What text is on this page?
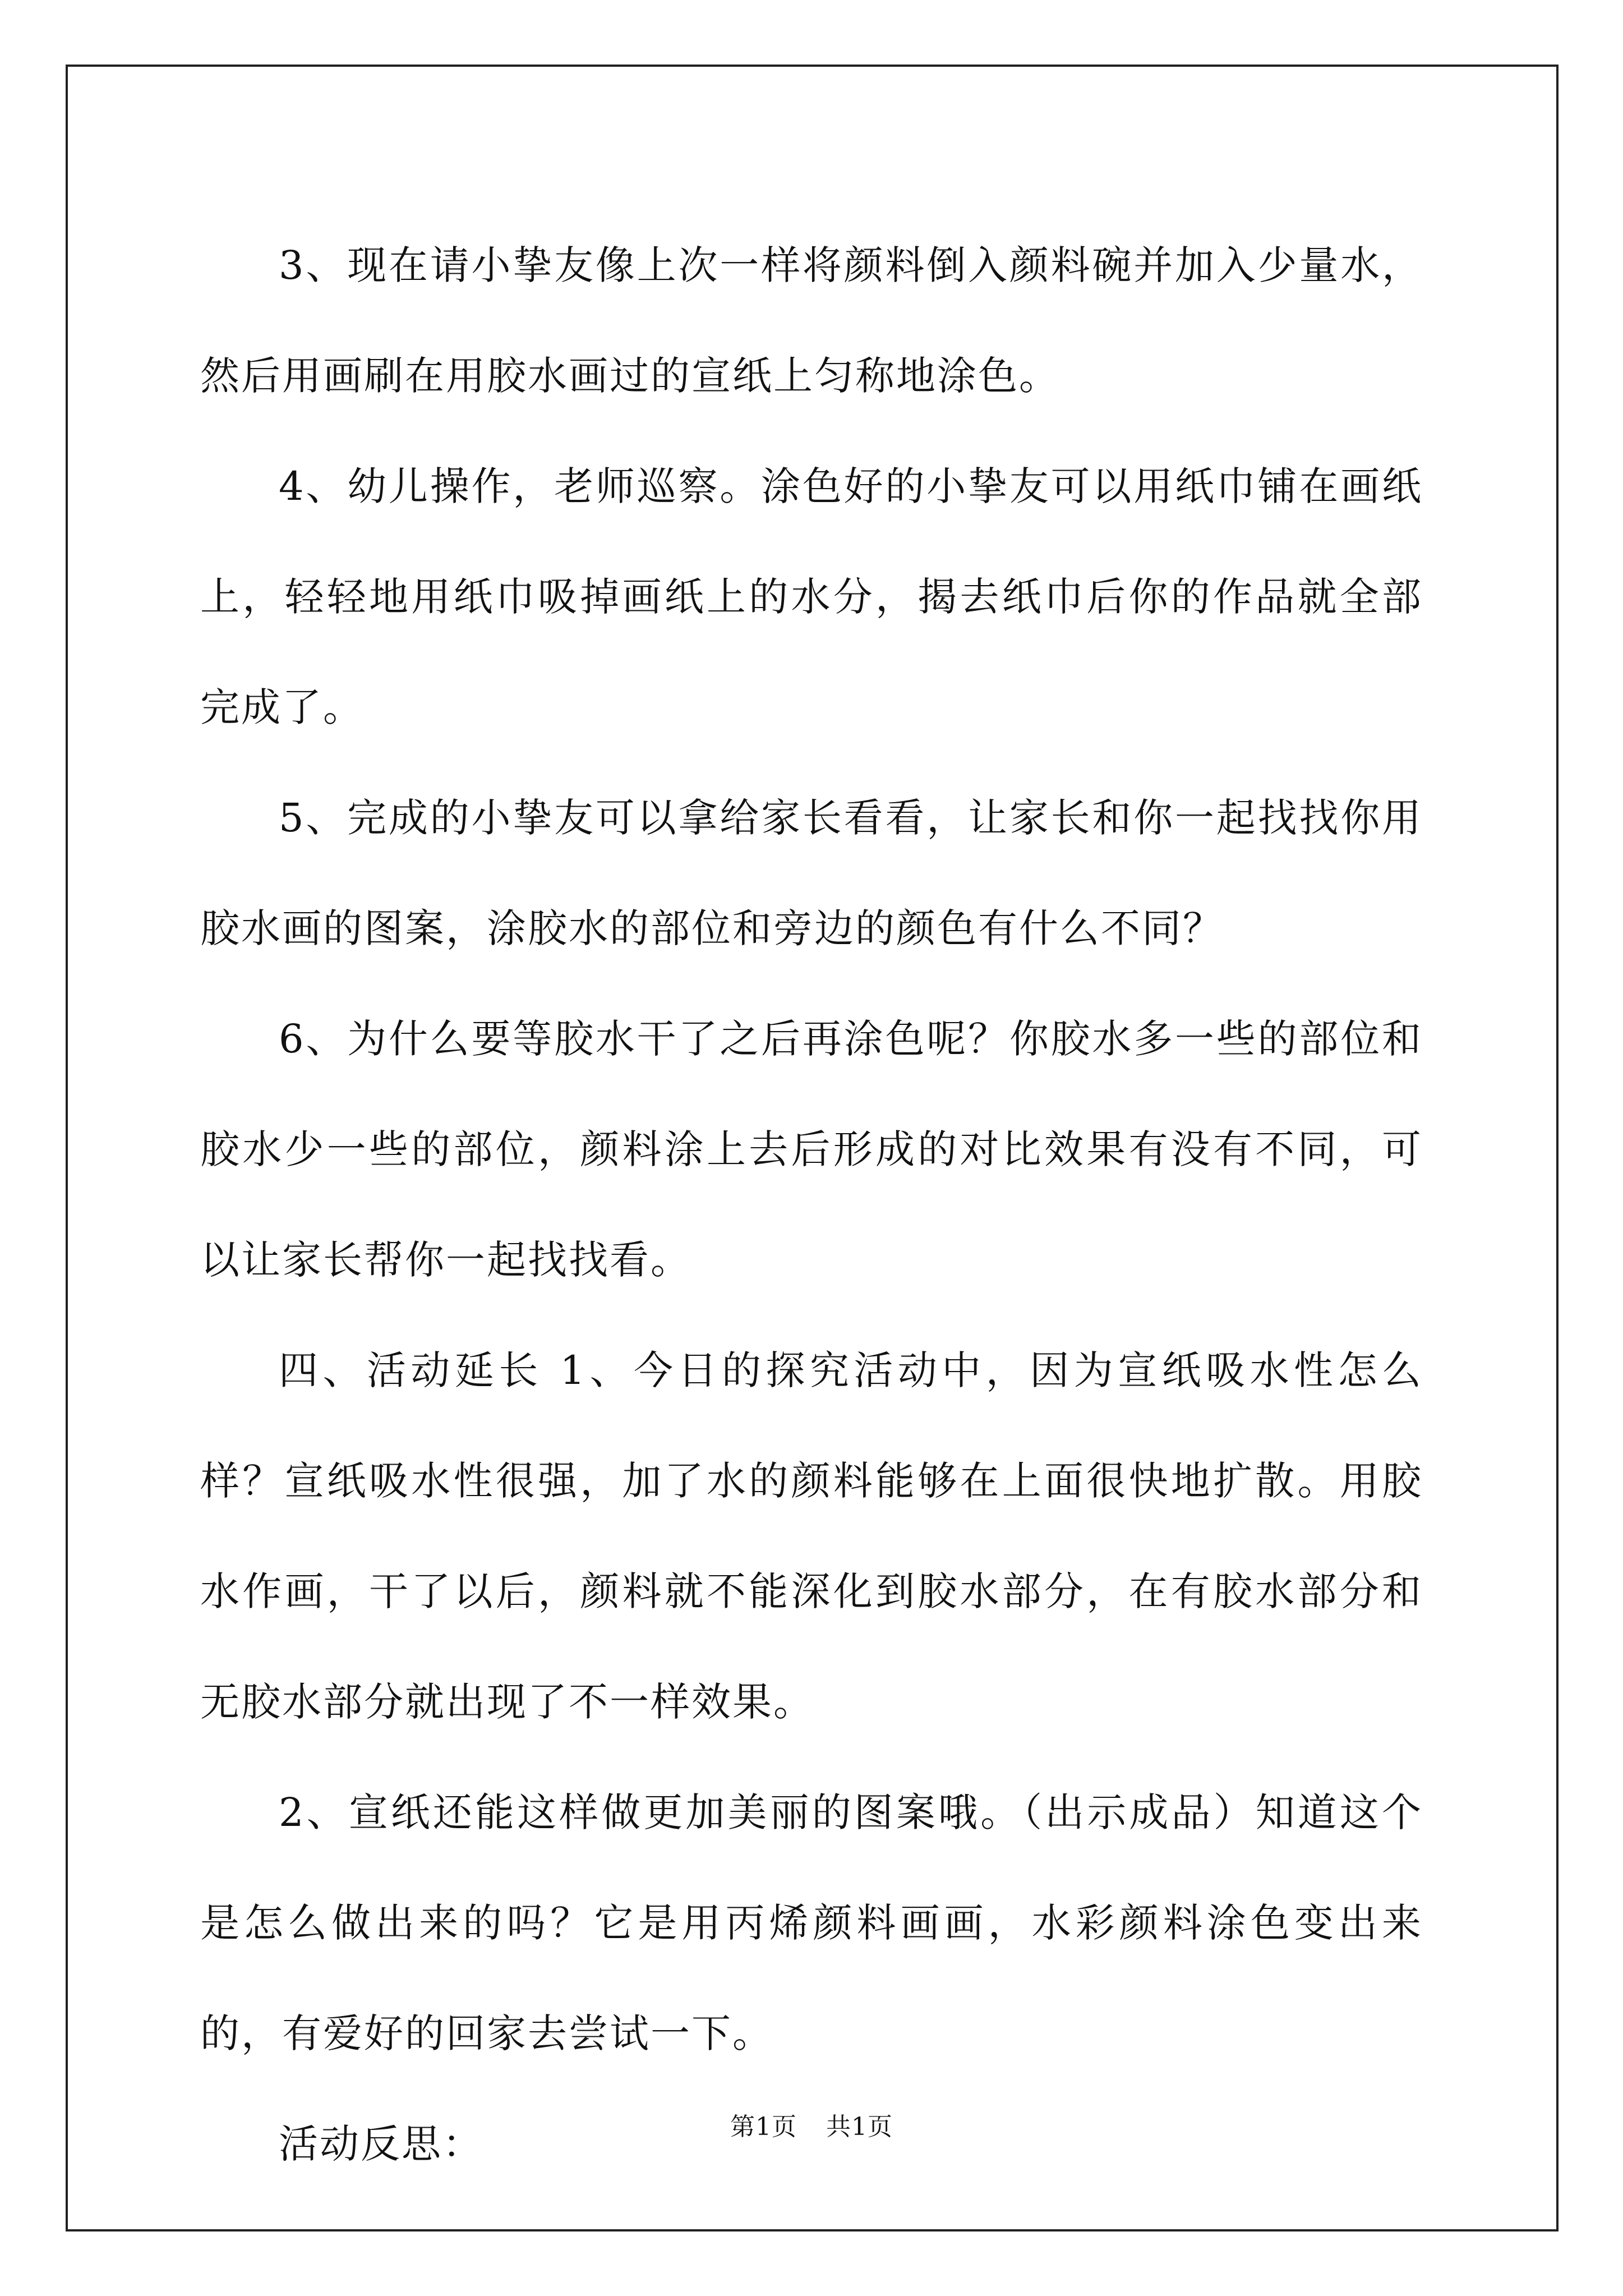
3、现在请小挚友像上次一样将颜料倒入颜料碗并加入少量水，然后用画刷在用胶水画过的宣纸上匀称地涂色。

4、幼儿操作，老师巡察。涂色好的小挚友可以用纸巾铺在画纸上，轻轻地用纸巾吸掉画纸上的水分，揭去纸巾后你的作品就全部完成了。

5、完成的小挚友可以拿给家长看看，让家长和你一起找找你用胶水画的图案，涂胶水的部位和旁边的颜色有什么不同？

6、为什么要等胶水干了之后再涂色呢？你胶水多一些的部位和胶水少一些的部位，颜料涂上去后形成的对比效果有没有不同，可以让家长帮你一起找找看。

四、活动延长 1、今日的探究活动中，因为宣纸吸水性怎么样？宣纸吸水性很强，加了水的颜料能够在上面很快地扩散。用胶水作画，干了以后，颜料就不能深化到胶水部分，在有胶水部分和无胶水部分就出现了不一样效果。

2、宣纸还能这样做更加美丽的图案哦。（出示成品）知道这个是怎么做出来的吗？它是用丙烯颜料画画，水彩颜料涂色变出来的，有爱好的回家去尝试一下。

活动反思：	第1页 共1页
